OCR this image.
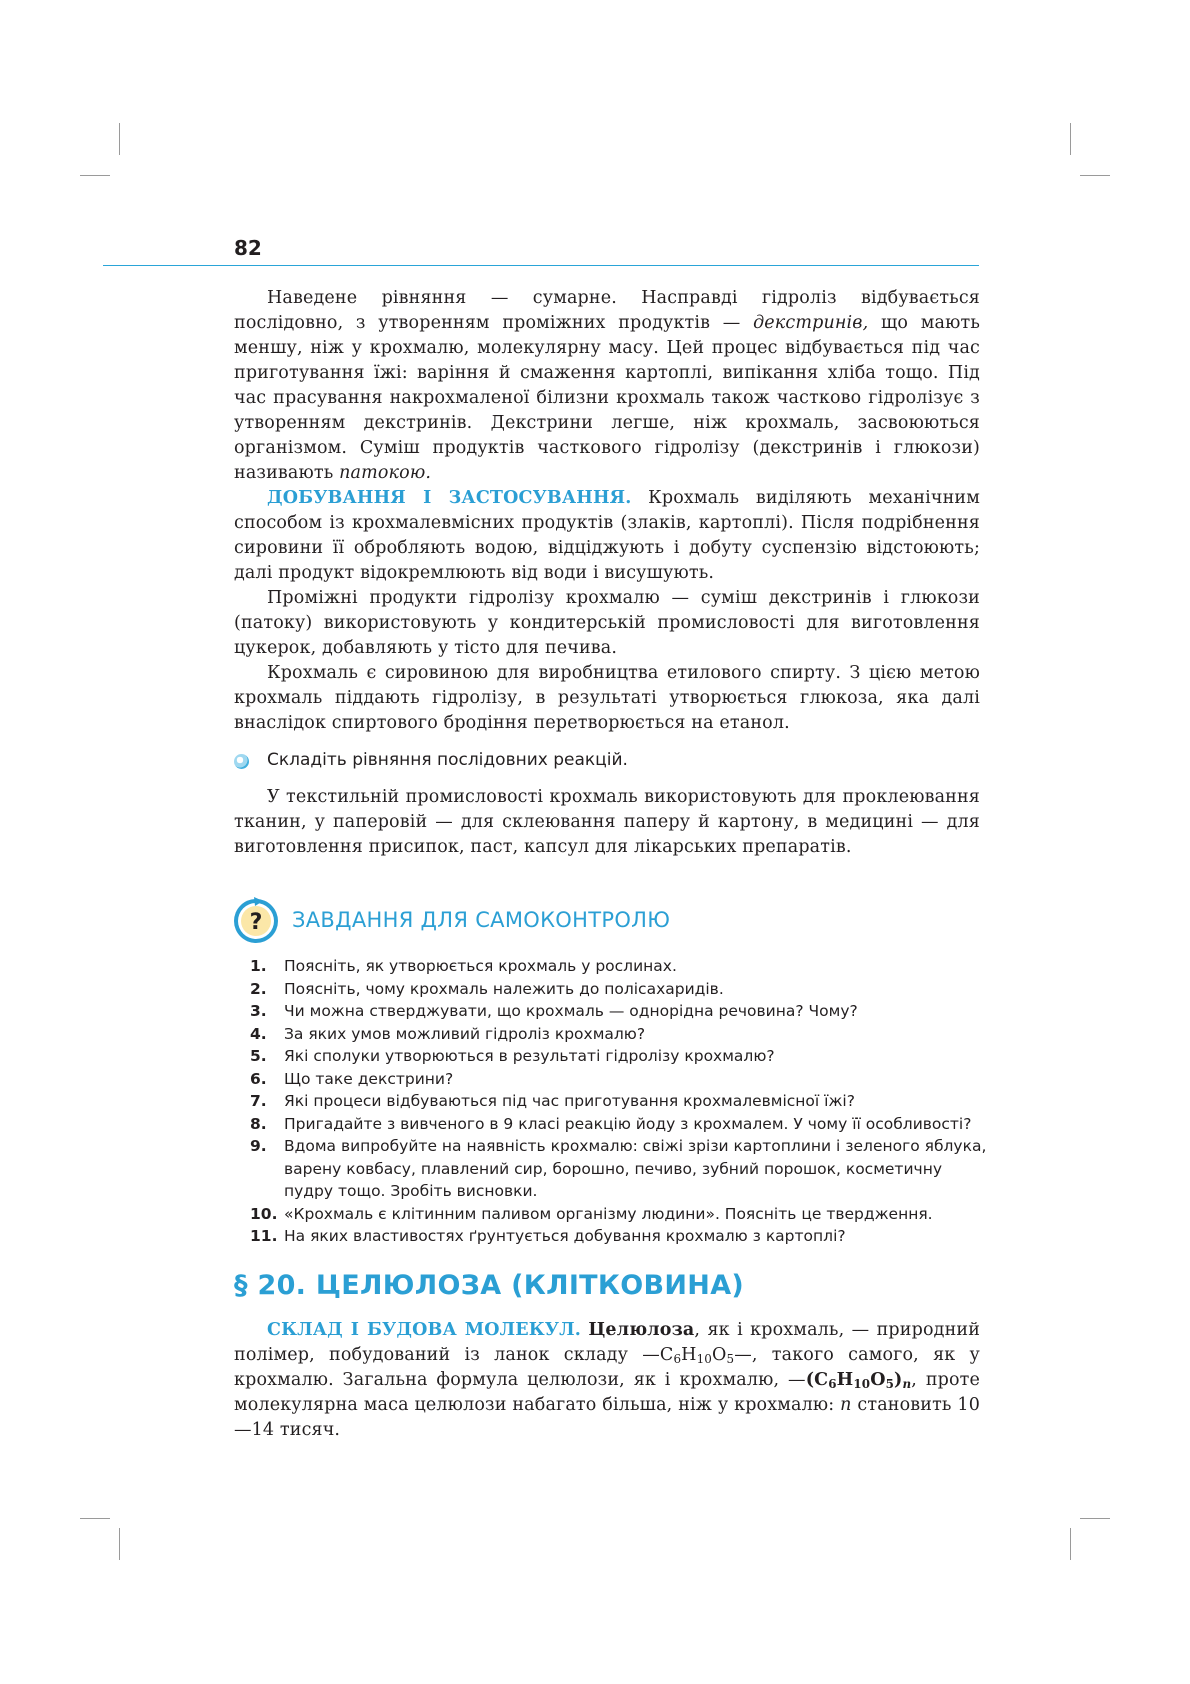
82

Наведене рівняння — сумарне. Насправді гідроліз відбувається послідовно, з утворенням проміжних продуктів — декстринів, що мають меншу, ніж у крохмалю, молекулярну масу. Цей процес відбувається під час приготування їжі: варіння й смаження картоплі, випікання хліба тощо. Під час прасування накрохмаленої білизни крохмаль також частково гідролізує з утворенням декстринів. Декстрини легше, ніж крохмаль, засвоюються організмом. Суміш продуктів часткового гідролізу (декстринів і глюкози) називають патокою.

ДОБУВАННЯ І ЗАСТОСУВАННЯ. Крохмаль виділяють механічним способом із крохмалевмісних продуктів (злаків, картоплі). Після подрібнення сировини її обробляють водою, відціджують і добуту суспензію відстоюють; далі продукт відокремлюють від води і висушують.

Проміжні продукти гідролізу крохмалю — суміш декстринів і глюкози (патоку) використовують у кондитерській промисловості для виготовлення цукерок, добавляють у тісто для печива.

Крохмаль є сировиною для виробництва етилового спирту. З цією метою крохмаль піддають гідролізу, в результаті утворюється глюкоза, яка далі внаслідок спиртового бродіння перетворюється на етанол.

Складіть рівняння послідовних реакцій.

У текстильній промисловості крохмаль використовують для проклеювання тканин, у паперовій — для склеювання паперу й картону, в медицині — для виготовлення присипок, паст, капсул для лікарських препаратів.

? ЗАВДАННЯ ДЛЯ САМОКОНТРОЛЮ
1. Поясніть, як утворюється крохмаль у рослинах.
2. Поясніть, чому крохмаль належить до полісахаридів.
3. Чи можна стверджувати, що крохмаль — однорідна речовина? Чому?
4. За яких умов можливий гідроліз крохмалю?
5. Які сполуки утворюються в результаті гідролізу крохмалю?
6. Що таке декстрини?
7. Які процеси відбуваються під час приготування крохмалевмісної їжі?
8. Пригадайте з вивченого в 9 класі реакцію йоду з крохмалем. У чому її особливості?
9. Вдома випробуйте на наявність крохмалю: свіжі зрізи картоплини і зеленого яблука, варену ковбасу, плавлений сир, борошно, печиво, зубний порошок, косметичну пудру тощо. Зробіть висновки.
10. «Крохмаль є клітинним паливом організму людини». Поясніть це твердження.
11. На яких властивостях ґрунтується добування крохмалю з картоплі?
§ 20. ЦЕЛЮЛОЗА (КЛІТКОВИНА)

СКЛАД І БУДОВА МОЛЕКУЛ. Целюлоза, як і крохмаль, — природний полімер, побудований із ланок складу $—C_6H_{10}O_5—$, такого самого, як у крохмалю. Загальна формула целюлози, як і крохмалю, $—(C_6H_{10}O_5)_n$, проте молекулярна маса целюлози набагато більша, ніж у крохмалю: n становить 10—14 тисяч.
